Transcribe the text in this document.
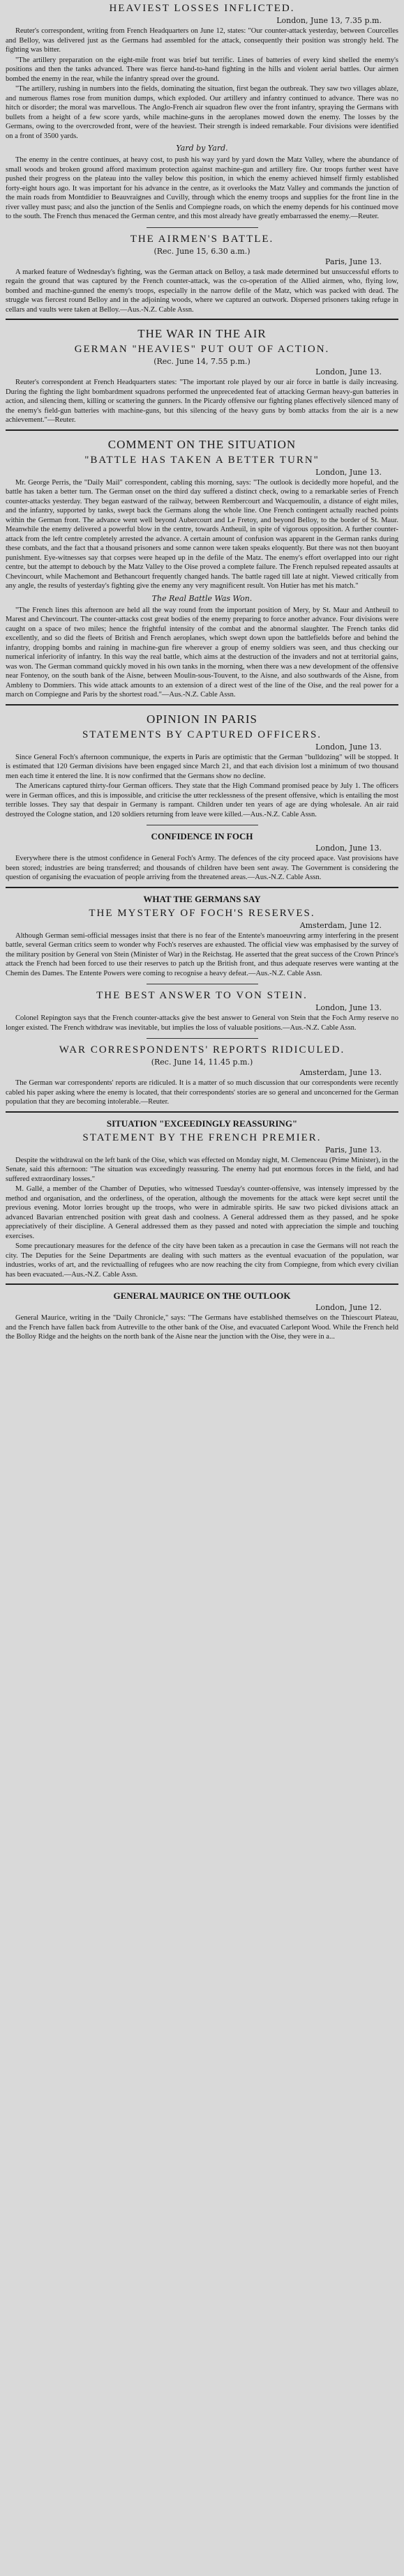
HEAVIEST LOSSES INFLICTED.
London, June 13, 7.35 p.m.

Reuter's correspondent, writing from French Headquarters on June 12, states: "Our counter-attack yesterday, between Courcelles and Belloy, was delivered just as the Germans had assembled for the attack, consequently their position was strongly held. The fighting was bitter.

"The artillery preparation on the eight-mile front was brief but terrific. Lines of batteries of every kind shelled the enemy's positions and then the tanks advanced. There was fierce hand-to-hand fighting in the hills and violent aerial battles. Our airmen bombed the enemy in the rear, while the infantry spread over the ground.

"The artillery, rushing in numbers into the fields, dominating the situation, first began the outbreak. They saw two villages ablaze, and numerous flames rose from munition dumps, which exploded. Our artillery and infantry continued to advance. There was no hitch or disorder; the moral was marvellous. The Anglo-French air squadron flew over the front infantry, spraying the Germans with bullets from a height of a few score yards, while machine-guns in the aeroplanes mowed down the enemy. The losses by the Germans, owing to the overcrowded front, were of the heaviest. Their strength is indeed remarkable. Four divisions were identified on a front of 3500 yards.

Yard by Yard.

The enemy in the centre continues, at heavy cost, to push his way yard by yard down the Matz Valley, where the abundance of small woods and broken ground afford maximum protection against machine-gun and artillery fire. Our troops further west have pushed their progress on the plateau into the valley below this position, in which the enemy achieved himself firmly established forty-eight hours ago. It was important for his advance in the centre, as it overlooks the Matz Valley and commands the junction of the main roads from Montdidier to Beauvraignes and Cuvilly, through which the enemy troops and supplies for the front line in the river valley must pass; and also the junction of the Senlis and Compiegne roads, on which the enemy depends for his continued move to the south. The French thus menaced the German centre, and this most already have greatly embarrassed the enemy.—Reuter.

THE AIRMEN'S BATTLE.
(Rec. June 15, 6.30 a.m.)
Paris, June 13.

A marked feature of Wednesday's fighting, was the German attack on Belloy, a task made determined but unsuccessful efforts to regain the ground that was captured by the French counter-attack, was the co-operation of the Allied airmen, who, flying low, bombed and machine-gunned the enemy's troops, especially in the narrow defile of the Matz, which was packed with dead. The struggle was fiercest round Belloy and in the adjoining woods, where we captured an outwork. Dispersed prisoners taking refuge in cellars and vaults were taken at Belloy.—Aus.-N.Z. Cable Assn.

THE WAR IN THE AIR
GERMAN "HEAVIES" PUT OUT OF ACTION.
(Rec. June 14, 7.55 p.m.)
London, June 13.

Reuter's correspondent at French Headquarters states: "The important role played by our air force in battle is daily increasing. During the fighting the light bombardment squadrons performed the unprecedented feat of attacking German heavy-gun batteries in action, and silencing them, killing or scattering the gunners. In the Picardy offensive our fighting planes effectively silenced many of the enemy's field-gun batteries with machine-guns, but this silencing of the heavy guns by bomb attacks from the air is a new achievement."—Reuter.

COMMENT ON THE SITUATION
"BATTLE HAS TAKEN A BETTER TURN"
London, June 13.

Mr. George Perris, the "Daily Mail" correspondent, cabling this morning, says: "The outlook is decidedly more hopeful, and the battle has taken a better turn. The German onset on the third day suffered a distinct check, owing to a remarkable series of French counter-attacks yesterday. They began eastward of the railway, between Rembercourt and Wacquemoulin, a distance of eight miles, and the infantry, supported by tanks, swept back the Germans along the whole line. One French contingent actually reached points within the German front. The advance went well beyond Aubercourt and Le Fretoy, and beyond Belloy, to the border of St. Maur. Meanwhile the enemy delivered a powerful blow in the centre, towards Antheuil, in spite of vigorous opposition. A further counter-attack from the left centre completely arrested the advance. A certain amount of confusion was apparent in the German ranks during these combats, and the fact that a thousand prisoners and some cannon were taken speaks eloquently. But there was not then buoyant punishment. Eye-witnesses say that corpses were heaped up in the defile of the Matz. The enemy's effort overlapped into our right centre, but the attempt to debouch by the Matz Valley to the Oise proved a complete failure. The French repulsed repeated assaults at Chevincourt, while Machemont and Bethancourt frequently changed hands. The battle raged till late at night. Viewed critically from any angle, the results of yesterday's fighting give the enemy any very magnificent result. Von Hutier has met his match."

The Real Battle Was Won.

"The French lines this afternoon are held all the way round from the important position of Mery, by St. Maur and Antheuil to Marest and Chevincourt. The counter-attacks cost great bodies of the enemy preparing to force another advance. Four divisions were caught on a space of two miles; hence the frightful intensity of the combat and the abnormal slaughter. The French tanks did excellently, and so did the fleets of British and French aeroplanes, which swept down upon the battlefields before and behind the infantry, dropping bombs and raining in machine-gun fire wherever a group of enemy soldiers was seen, and thus checking our numerical inferiority of infantry. In this way the real battle, which aims at the destruction of the invaders and not at territorial gains, was won. The German command quickly moved in his own tanks in the morning, when there was a new development of the offensive near Fontenoy, on the south bank of the Aisne, between Moulin-sous-Touvent, to the Aisne, and also southwards of the Aisne, from Ambleny to Dommiers. This wide attack amounts to an extension of a direct west of the line of the Oise, and the real power for a march on Compiegne and Paris by the shortest road."—Aus.-N.Z. Cable Assn.

OPINION IN PARIS
STATEMENTS BY CAPTURED OFFICERS.
London, June 13.

Since General Foch's afternoon communique, the experts in Paris are optimistic that the German "bulldozing" will be stopped. It is estimated that 120 German divisions have been engaged since March 21, and that each division lost a minimum of two thousand men each time it entered the line. It is now confirmed that the Germans show no decline.

The Americans captured thirty-four German officers. They state that the High Command promised peace by July 1. The officers were in German offices, and this is impossible, and criticise the utter recklessness of the present offensive, which is entailing the most terrible losses. They say that despair in Germany is rampant. Children under ten years of age are dying wholesale. An air raid destroyed the Cologne station, and 120 soldiers returning from leave were killed.—Aus.-N.Z. Cable Assn.

CONFIDENCE IN FOCH
London, June 13.

Everywhere there is the utmost confidence in General Foch's Army. The defences of the city proceed apace. Vast provisions have been stored; industries are being transferred; and thousands of children have been sent away. The Government is considering the question of organising the evacuation of people arriving from the threatened areas.—Aus.-N.Z. Cable Assn.

WHAT THE GERMANS SAY
THE MYSTERY OF FOCH'S RESERVES.
Amsterdam, June 12.

Although German semi-official messages insist that there is no fear of the Entente's manoeuvring army interfering in the present battle, several German critics seem to wonder why Foch's reserves are exhausted. The official view was emphasised by the survey of the military position by General von Stein (Minister of War) in the Reichstag. He asserted that the great success of the Crown Prince's attack the French had been forced to use their reserves to patch up the British front, and thus adequate reserves were wanting at the Chemin des Dames. The Entente Powers were coming to recognise a heavy defeat.—Aus.-N.Z. Cable Assn.

THE BEST ANSWER TO VON STEIN.
London, June 13.

Colonel Repington says that the French counter-attacks give the best answer to General von Stein that the Foch Army reserve no longer existed. The French withdraw was inevitable, but implies the loss of valuable positions.—Aus.-N.Z. Cable Assn.

WAR CORRESPONDENTS' REPORTS RIDICULED.
(Rec. June 14, 11.45 p.m.)
Amsterdam, June 13.

The German war correspondents' reports are ridiculed. It is a matter of so much discussion that our correspondents were recently cabled his paper asking where the enemy is located, that their correspondents' stories are so general and unconcerned for the German population that they are becoming intolerable.—Reuter.

SITUATION "EXCEEDINGLY REASSURING"
STATEMENT BY THE FRENCH PREMIER.
Paris, June 13.

Despite the withdrawal on the left bank of the Oise, which was effected on Monday night, M. Clemenceau (Prime Minister), in the Senate, said this afternoon: "The situation was exceedingly reassuring. The enemy had put enormous forces in the field, and had suffered extraordinary losses."

M. Gallé, a member of the Chamber of Deputies, who witnessed Tuesday's counter-offensive, was intensely impressed by the method and organisation, and the orderliness, of the operation, although the movements for the attack were kept secret until the previous evening. Motor lorries brought up the troops, who were in admirable spirits. He saw two picked divisions attack an advanced Bavarian entrenched position with great dash and coolness. A General addressed them as they passed, and he spoke appreciatively of their discipline. A General addressed them as they passed and noted with appreciation the simple and touching exercises.

Some precautionary measures for the defence of the city have been taken as a precaution in case the Germans will not reach the city. The Deputies for the Seine Departments are dealing with such matters as the eventual evacuation of the population, war industries, works of art, and the revictualling of refugees who are now reaching the city from Compiegne, from which every civilian has been evacuated.—Aus.-N.Z. Cable Assn.

GENERAL MAURICE ON THE OUTLOOK
London, June 12.

General Maurice, writing in the "Daily Chronicle," says: "The Germans have established themselves on the Thiescourt Plateau, and the French have fallen back from Autreville to the other bank of the Oise, and evacuated Carlepont Wood. While the French held the Bolloy Ridge and the heights on the north bank of the Aisne near the junction with the Oise, they were in a...
